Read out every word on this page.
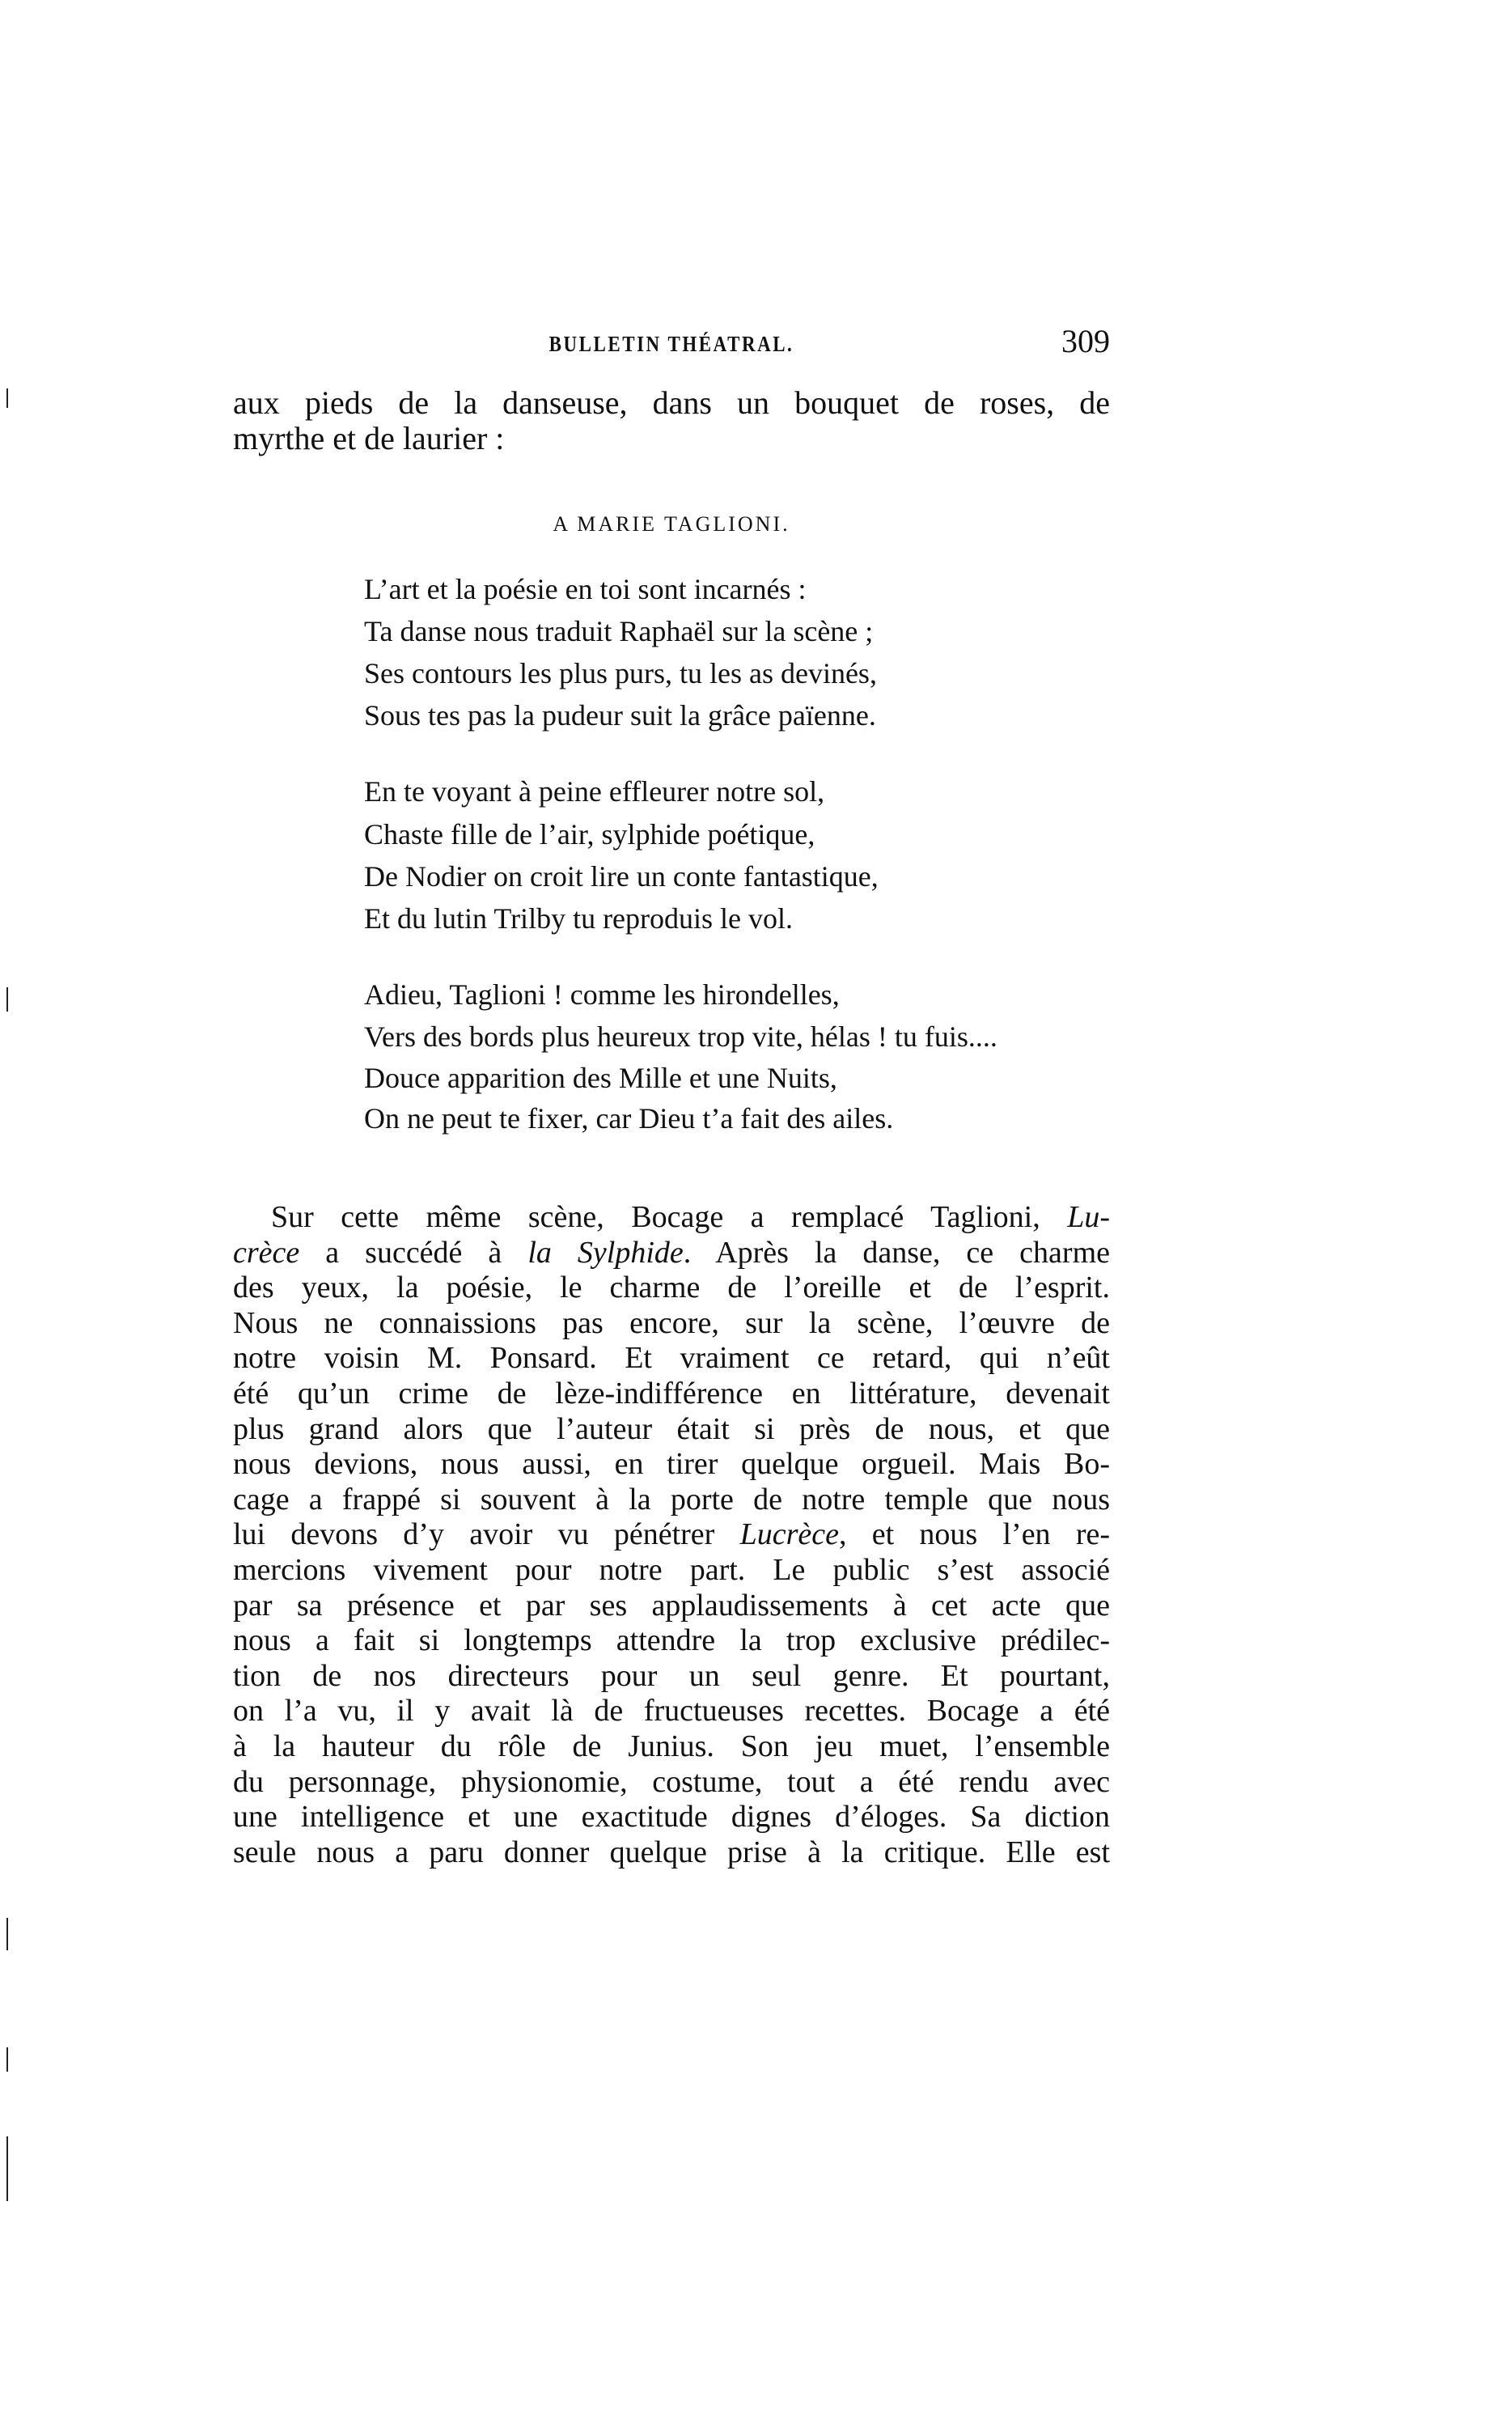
BULLETIN THÉATRAL.	309
aux pieds de la danseuse, dans un bouquet de roses, de
myrthe et de laurier :
A MARIE TAGLIONI.
L’art et la poésie en toi sont incarnés :
Ta danse nous traduit Raphaël sur la scène ;
Ses contours les plus purs, tu les as devinés,
Sous tes pas la pudeur suit la grâce païenne.
En te voyant à peine effleurer notre sol,
Chaste fille de l’air, sylphide poétique,
De Nodier on croit lire un conte fantastique,
Et du lutin Trilby tu reproduis le vol.
Adieu, Taglioni ! comme les hirondelles,
Vers des bords plus heureux trop vite, hélas ! tu fuis....
Douce apparition des Mille et une Nuits,
On ne peut te fixer, car Dieu t’a fait des ailes.
Sur cette même scène, Bocage a remplacé Taglioni, Lu-
crèce a succédé à la Sylphide. Après la danse, ce charme
des yeux, la poésie, le charme de l’oreille et de l’esprit.
Nous ne connaissions pas encore, sur la scène, l’œuvre de
notre voisin M. Ponsard. Et vraiment ce retard, qui n’eût
été qu’un crime de lèze-indifférence en littérature, devenait
plus grand alors que l’auteur était si près de nous, et que
nous devions, nous aussi, en tirer quelque orgueil. Mais Bo-
cage a frappé si souvent à la porte de notre temple que nous
lui devons d’y avoir vu pénétrer Lucrèce, et nous l’en re-
mercions vivement pour notre part. Le public s’est associé
par sa présence et par ses applaudissements à cet acte que
nous a fait si longtemps attendre la trop exclusive prédilec-
tion de nos directeurs pour un seul genre. Et pourtant,
on l’a vu, il y avait là de fructueuses recettes. Bocage a été
à la hauteur du rôle de Junius. Son jeu muet, l’ensemble
du personnage, physionomie, costume, tout a été rendu avec
une intelligence et une exactitude dignes d’éloges. Sa diction
seule nous a paru donner quelque prise à la critique. Elle est
